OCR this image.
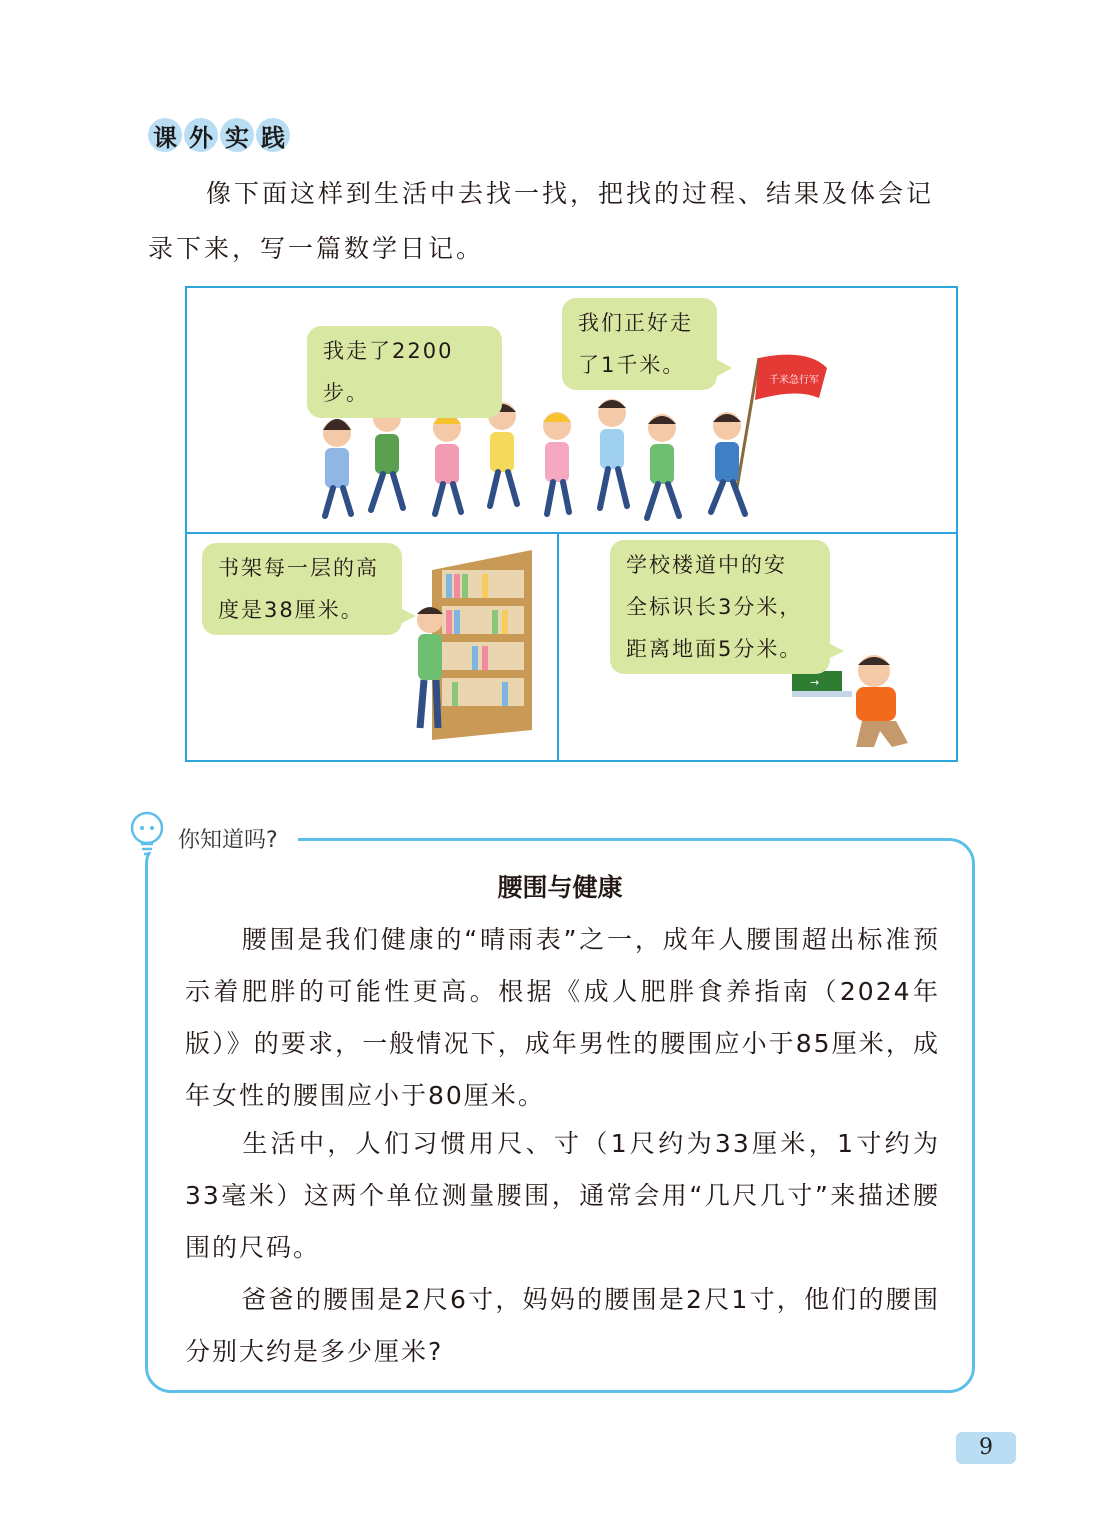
课 外 实 践
像下面这样到生活中去找一找，把找的过程、结果及体会记
录下来，写一篇数学日记。
千米急行军
我走了2200步。
我们正好走
了1千米。
书架每一层的高
度是38厘米。
→
学校楼道中的安
全标识长3分米，
距离地面5分米。
你知道吗?
腰围与健康
腰围是我们健康的“晴雨表”之一，成年人腰围超出标准预示着肥胖的可能性更高。根据《成人肥胖食养指南（2024年版）》的要求，一般情况下，成年男性的腰围应小于85厘米，成年女性的腰围应小于80厘米。
生活中，人们习惯用尺、寸（1尺约为33厘米，1寸约为33毫米）这两个单位测量腰围，通常会用“几尺几寸”来描述腰围的尺码。
爸爸的腰围是2尺6寸，妈妈的腰围是2尺1寸，他们的腰围分别大约是多少厘米?
9
